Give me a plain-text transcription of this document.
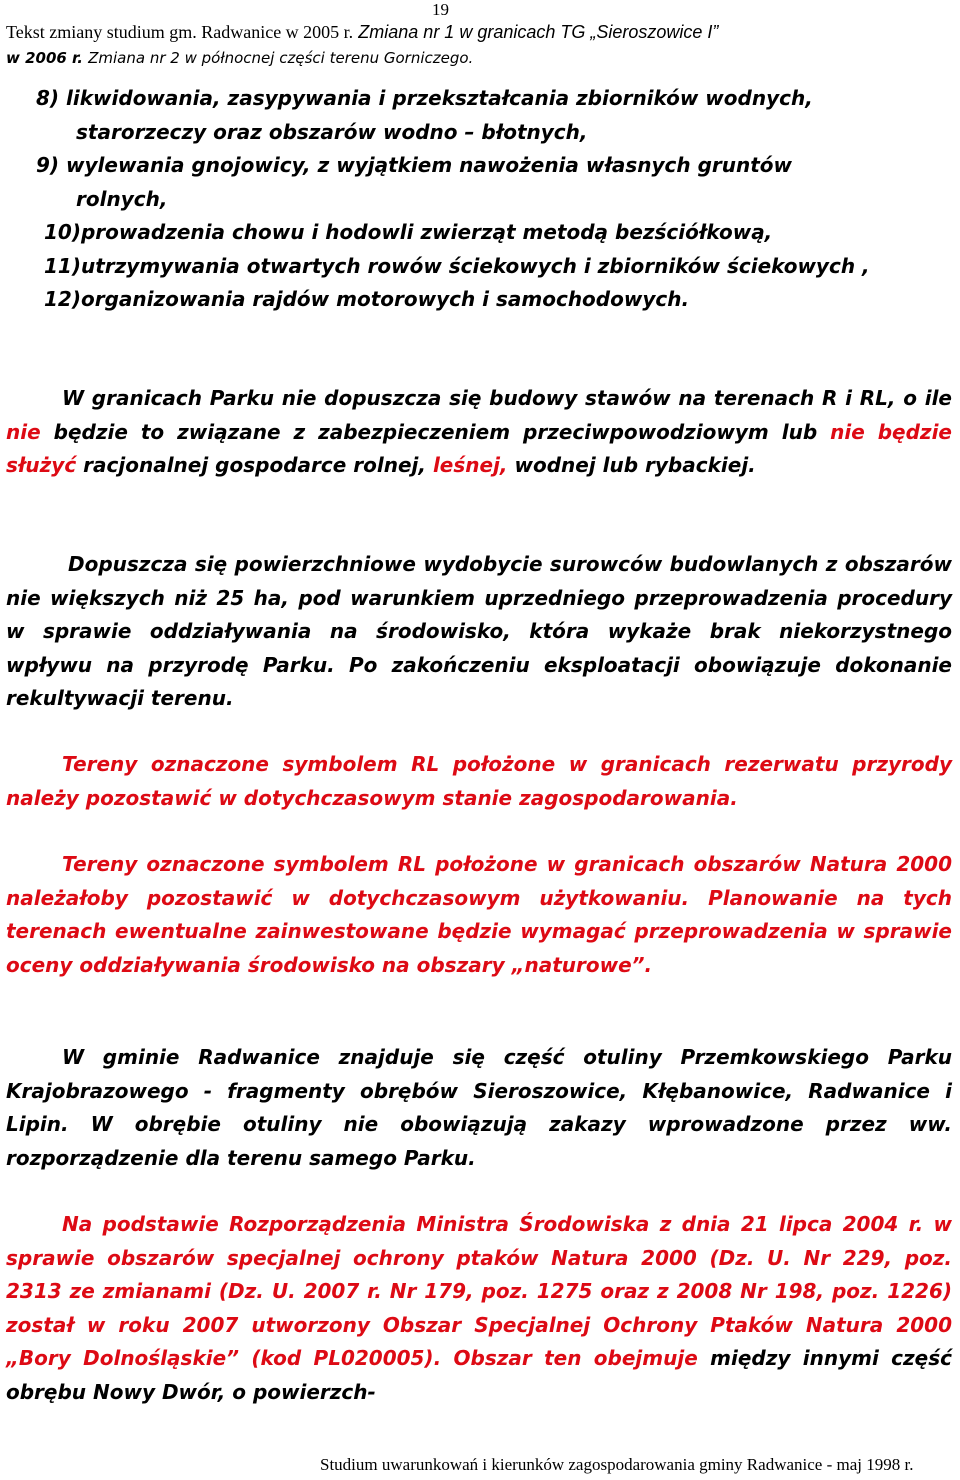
19
Tekst zmiany studium gm. Radwanice w 2005 r. Zmiana nr 1 w granicach TG „Sieroszowice I”
w 2006 r. Zmiana nr 2 w północnej części terenu Gorniczego.
8) likwidowania, zasypywania i przekształcania zbiorników wodnych,
starorzeczy oraz obszarów wodno – błotnych,
9) wylewania gnojowicy, z wyjątkiem nawożenia własnych gruntów
rolnych,
10)prowadzenia chowu i hodowli zwierząt metodą bezściółkową,
11)utrzymywania otwartych rowów ściekowych i zbiorników ściekowych ,
12)organizowania rajdów motorowych i samochodowych.
W granicach Parku nie dopuszcza się budowy stawów na terenach R i RL, o ile nie będzie to związane z zabezpieczeniem przeciwpowodziowym lub nie będzie służyć racjonalnej gospodarce rolnej, leśnej, wodnej lub rybackiej.
Dopuszcza się powierzchniowe wydobycie surowców budowlanych z obszarów nie większych niż 25 ha, pod warunkiem uprzedniego przeprowadzenia procedury w sprawie oddziaływania na środowisko, która wykaże brak niekorzystnego wpływu na przyrodę Parku. Po zakończeniu eksploatacji obowiązuje dokonanie rekultywacji terenu.
Tereny oznaczone symbolem RL położone w granicach rezerwatu przyrody należy pozostawić w dotychczasowym stanie zagospodarowania.
Tereny oznaczone symbolem RL położone w granicach obszarów Natura 2000 należałoby pozostawić w dotychczasowym użytkowaniu. Planowanie na tych terenach ewentualne zainwestowane będzie wymagać przeprowadzenia w sprawie oceny oddziaływania środowisko na obszary „naturowe”.
W gminie Radwanice znajduje się część otuliny Przemkowskiego Parku Krajobrazowego - fragmenty obrębów Sieroszowice, Kłębanowice, Radwanice i Lipin. W obrębie otuliny nie obowiązują zakazy wprowadzone przez ww. rozporządzenie dla terenu samego Parku.
Na podstawie Rozporządzenia Ministra Środowiska z dnia 21 lipca 2004 r. w sprawie obszarów specjalnej ochrony ptaków Natura 2000 (Dz. U. Nr 229, poz. 2313 ze zmianami (Dz. U. 2007 r. Nr 179, poz. 1275 oraz z 2008 Nr 198, poz. 1226) został w roku 2007 utworzony Obszar Specjalnej Ochrony Ptaków Natura 2000 „Bory Dolnośląskie” (kod PL020005). Obszar ten obejmuje między innymi część obrębu Nowy Dwór, o powierzch-
Studium uwarunkowań i kierunków zagospodarowania gminy Radwanice - maj 1998 r.
